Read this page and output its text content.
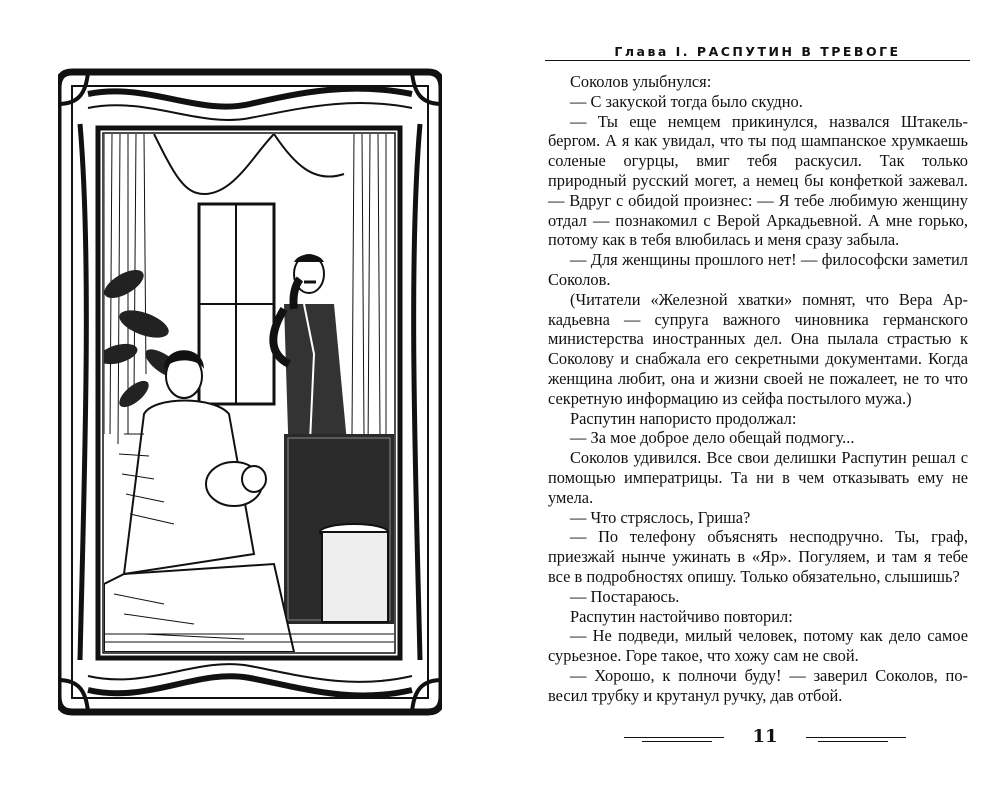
Глава I. РАСПУТИН В ТРЕВОГЕ

Соколов улыбнулся:

— С закуской тогда было скудно.

— Ты еще немцем прикинулся, назвался Штакельбергом. А я как увидал, что ты под шампанское хрумкаешь соленые огурцы, вмиг тебя раскусил. Так только природный русский могет, а немец бы конфеткой зажевал. — Вдруг с обидой произнес: — Я тебе любимую женщину отдал — познакомил с Верой Аркадьевной. А мне горько, потому как в тебя влюбилась и меня сразу забыла.

— Для женщины прошлого нет! — философски заметил Соколов.

(Читатели «Железной хватки» помнят, что Вера Аркадьевна — супруга важного чиновника германского министерства иностранных дел. Она пылала страстью к Соколову и снабжала его секретными документами. Когда женщина любит, она и жизни своей не пожалеет, не то что секретную информацию из сейфа постылого мужа.)

Распутин напористо продолжал:

— За мое доброе дело обещай подмогу...

Соколов удивился. Все свои делишки Распутин решал с помощью императрицы. Та ни в чем отказывать ему не умела.

— Что стряслось, Гриша?

— По телефону объяснять несподручно. Ты, граф, приезжай нынче ужинать в «Яр». Погуляем, и там я тебе все в подробностях опишу. Только обязательно, слышишь?

— Постараюсь.

Распутин настойчиво повторил:

— Не подведи, милый человек, потому как дело самое сурьезное. Горе такое, что хожу сам не свой.

— Хорошо, к полночи буду! — заверил Соколов, повесил трубку и крутанул ручку, дав отбой.

11
